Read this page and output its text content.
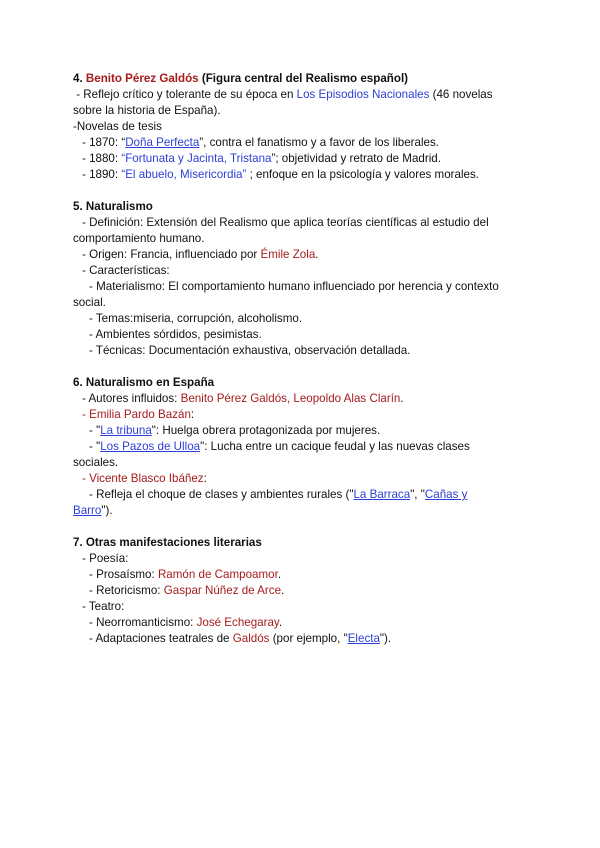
4. Benito Pérez Galdós (Figura central del Realismo español)
- Reflejo crítico y tolerante de su época en Los Episodios Nacionales (46 novelas
sobre la historia de España).
-Novelas de tesis
- 1870: “Doña Perfecta”, contra el fanatismo y a favor de los liberales.
- 1880: “Fortunata y Jacinta, Tristana”; objetividad y retrato de Madrid.
- 1890: “El abuelo, Misericordia” ; enfoque en la psicología y valores morales.
5. Naturalismo
- Definición: Extensión del Realismo que aplica teorías científicas al estudio del
comportamiento humano.
- Origen: Francia, influenciado por Émile Zola.
- Características:
- Materialismo: El comportamiento humano influenciado por herencia y contexto
social.
- Temas:miseria, corrupción, alcoholismo.
- Ambientes sórdidos, pesimistas.
- Técnicas: Documentación exhaustiva, observación detallada.
6. Naturalismo en España
- Autores influidos: Benito Pérez Galdós, Leopoldo Alas Clarín.
- Emilia Pardo Bazán:
- "La tribuna": Huelga obrera protagonizada por mujeres.
- "Los Pazos de Ulloa": Lucha entre un cacique feudal y las nuevas clases
sociales.
- Vicente Blasco Ibáñez:
- Refleja el choque de clases y ambientes rurales ("La Barraca", "Cañas y
Barro").
7. Otras manifestaciones literarias
- Poesía:
- Prosaísmo: Ramón de Campoamor.
- Retoricismo: Gaspar Núñez de Arce.
- Teatro:
- Neorromanticismo: José Echegaray.
- Adaptaciones teatrales de Galdós (por ejemplo, "Electa").
